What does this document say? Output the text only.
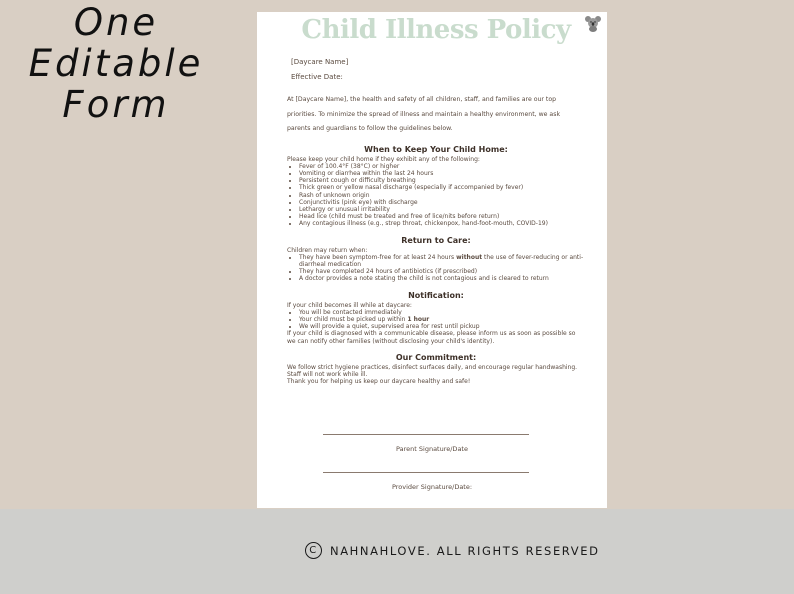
One
Editable
Form
Child Illness Policy
[Daycare Name]
Effective Date:

At [Daycare Name], the health and safety of all children, staff, and families are our top priorities. To minimize the spread of illness and maintain a healthy environment, we ask parents and guardians to follow the guidelines below.

When to Keep Your Child Home:

Please keep your child home if they exhibit any of the following:

• Fever of 100.4°F (38°C) or higher
• Vomiting or diarrhea within the last 24 hours
• Persistent cough or difficulty breathing
• Thick green or yellow nasal discharge (especially if accompanied by fever)
• Rash of unknown origin
• Conjunctivitis (pink eye) with discharge
• Lethargy or unusual irritability
• Head lice (child must be treated and free of lice/nits before return)
• Any contagious illness (e.g., strep throat, chickenpox, hand-foot-mouth, COVID-19)
Return to Care:

Children may return when:

• They have been symptom-free for at least 24 hours without the use of fever-reducing or anti-diarrheal medication
• They have completed 24 hours of antibiotics (if prescribed)
• A doctor provides a note stating the child is not contagious and is cleared to return
Notification:

If your child becomes ill while at daycare:

• You will be contacted immediately
• Your child must be picked up within 1 hour
• We will provide a quiet, supervised area for rest until pickup

If your child is diagnosed with a communicable disease, please inform us as soon as possible so we can notify other families (without disclosing your child's identity).

Our Commitment:

We follow strict hygiene practices, disinfect surfaces daily, and encourage regular handwashing. Staff will not work while ill.

Thank you for helping us keep our daycare healthy and safe!

Parent Signature/Date
Provider Signature/Date:
C	NAHNAHLOVE. ALL RIGHTS RESERVED
